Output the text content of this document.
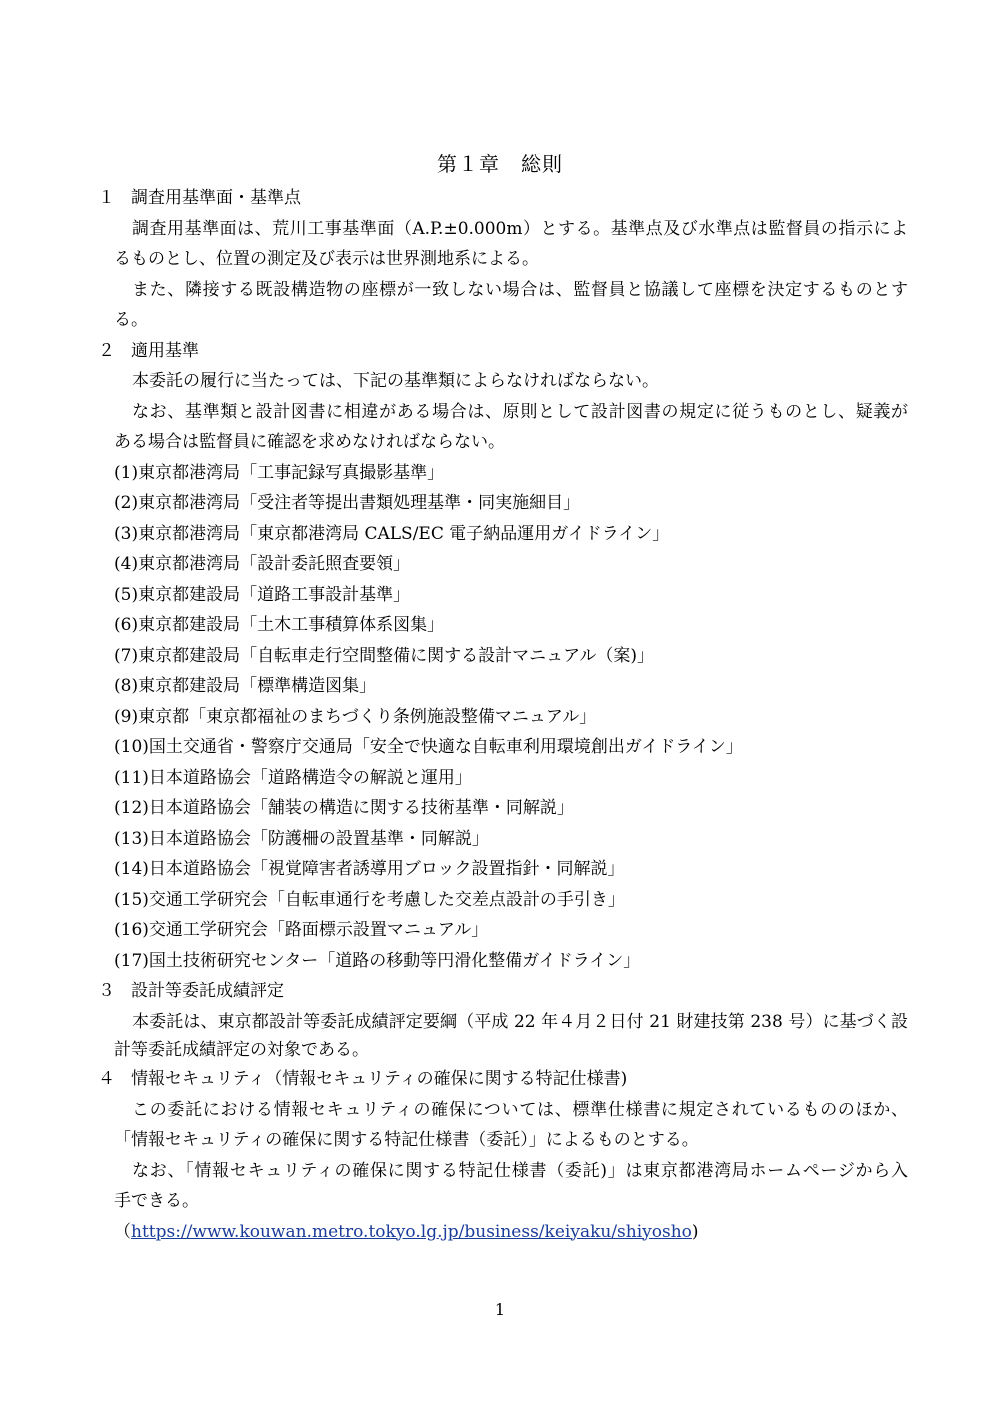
第１章　総則
１ 調査用基準面・基準点
調査用基準面は、荒川工事基準面（A.P.±0.000m）とする。基準点及び水準点は監督員の指示によ
るものとし、位置の測定及び表示は世界測地系による。
また、隣接する既設構造物の座標が一致しない場合は、監督員と協議して座標を決定するものとす
る。
２ 適用基準
本委託の履行に当たっては、下記の基準類によらなければならない。
なお、基準類と設計図書に相違がある場合は、原則として設計図書の規定に従うものとし、疑義が
ある場合は監督員に確認を求めなければならない。
(1)東京都港湾局「工事記録写真撮影基準」
(2)東京都港湾局「受注者等提出書類処理基準・同実施細目」
(3)東京都港湾局「東京都港湾局 CALS/EC 電子納品運用ガイドライン」
(4)東京都港湾局「設計委託照査要領」
(5)東京都建設局「道路工事設計基準」
(6)東京都建設局「土木工事積算体系図集」
(7)東京都建設局「自転車走行空間整備に関する設計マニュアル（案)」
(8)東京都建設局「標準構造図集」
(9)東京都「東京都福祉のまちづくり条例施設整備マニュアル」
(10)国土交通省・警察庁交通局「安全で快適な自転車利用環境創出ガイドライン」
(11)日本道路協会「道路構造令の解説と運用」
(12)日本道路協会「舗装の構造に関する技術基準・同解説」
(13)日本道路協会「防護柵の設置基準・同解説」
(14)日本道路協会「視覚障害者誘導用ブロック設置指針・同解説」
(15)交通工学研究会「自転車通行を考慮した交差点設計の手引き」
(16)交通工学研究会「路面標示設置マニュアル」
(17)国土技術研究センター「道路の移動等円滑化整備ガイドライン」
３ 設計等委託成績評定
本委託は、東京都設計等委託成績評定要綱（平成 22 年４月２日付 21 財建技第 238 号）に基づく設
計等委託成績評定の対象である。
４ 情報セキュリティ（情報セキュリティの確保に関する特記仕様書)
この委託における情報セキュリティの確保については、標準仕様書に規定されているもののほか、
「情報セキュリティの確保に関する特記仕様書（委託）」によるものとする。
なお、「情報セキュリティの確保に関する特記仕様書（委託)」は東京都港湾局ホームページから入
手できる。
（https://www.kouwan.metro.tokyo.lg.jp/business/keiyaku/shiyosho)
1
